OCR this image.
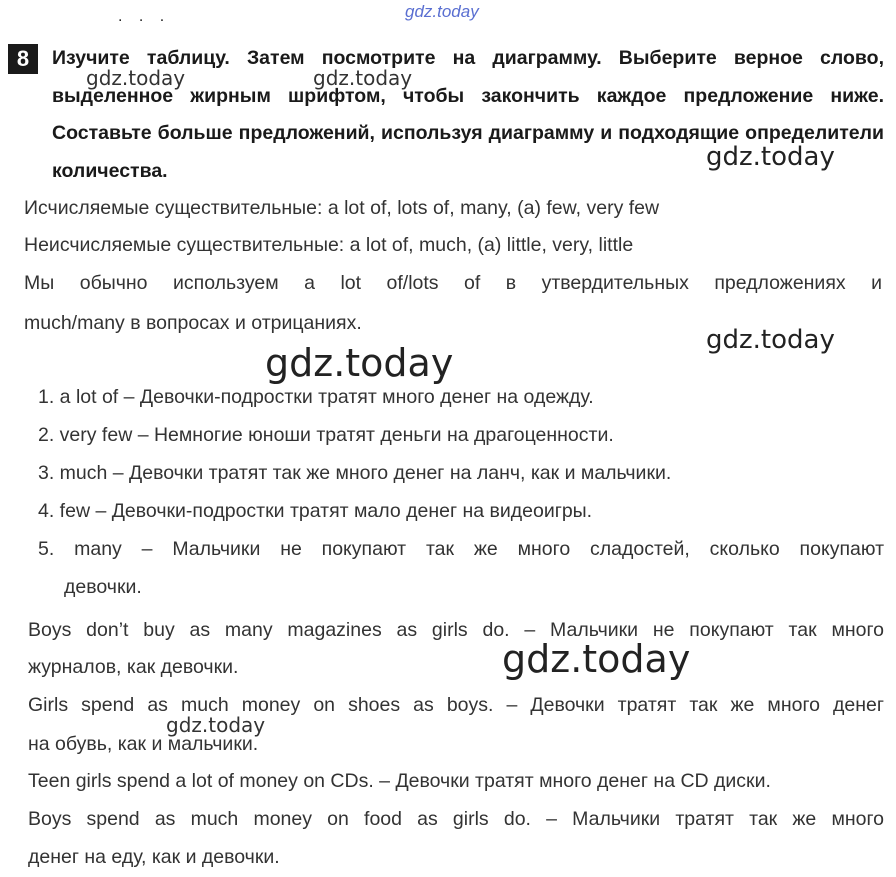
. . .	gdz.today
8	Изучите таблицу. Затем посмотрите на диаграмму. Выберите верное слово, выделенное жирным шрифтом, чтобы закончить каждое предложение ниже. Составьте больше предложений, используя диаграмму и подходящие определители количества.
gdz.today	gdz.today
gdz.today
Исчисляемые существительные: a lot of, lots of, many, (a) few, very few
Неисчисляемые существительные: a lot of, much, (a) little, very, little
Мы обычно используем a lot of/lots of в утвердительных предложениях и
much/many в вопросах и отрицаниях.
gdz.today
gdz.today
1. a lot of – Девочки-подростки тратят много денег на одежду.
2. very few – Немногие юноши тратят деньги на драгоценности.
3. much – Девочки тратят так же много денег на ланч, как и мальчики.
4. few – Девочки-подростки тратят мало денег на видеоигры.
5. many – Мальчики не покупают так же много сладостей, сколько покупают
девочки.
Boys don’t buy as many magazines as girls do. – Мальчики не покупают так много
журналов, как девочки.	gdz.today
Girls spend as much money on shoes as boys. – Девочки тратят так же много денег
gdz.today
на обувь, как и мальчики.
Teen girls spend a lot of money on CDs. – Девочки тратят много денег на CD диски.
Boys spend as much money on food as girls do. – Мальчики тратят так же много
денег на еду, как и девочки.
